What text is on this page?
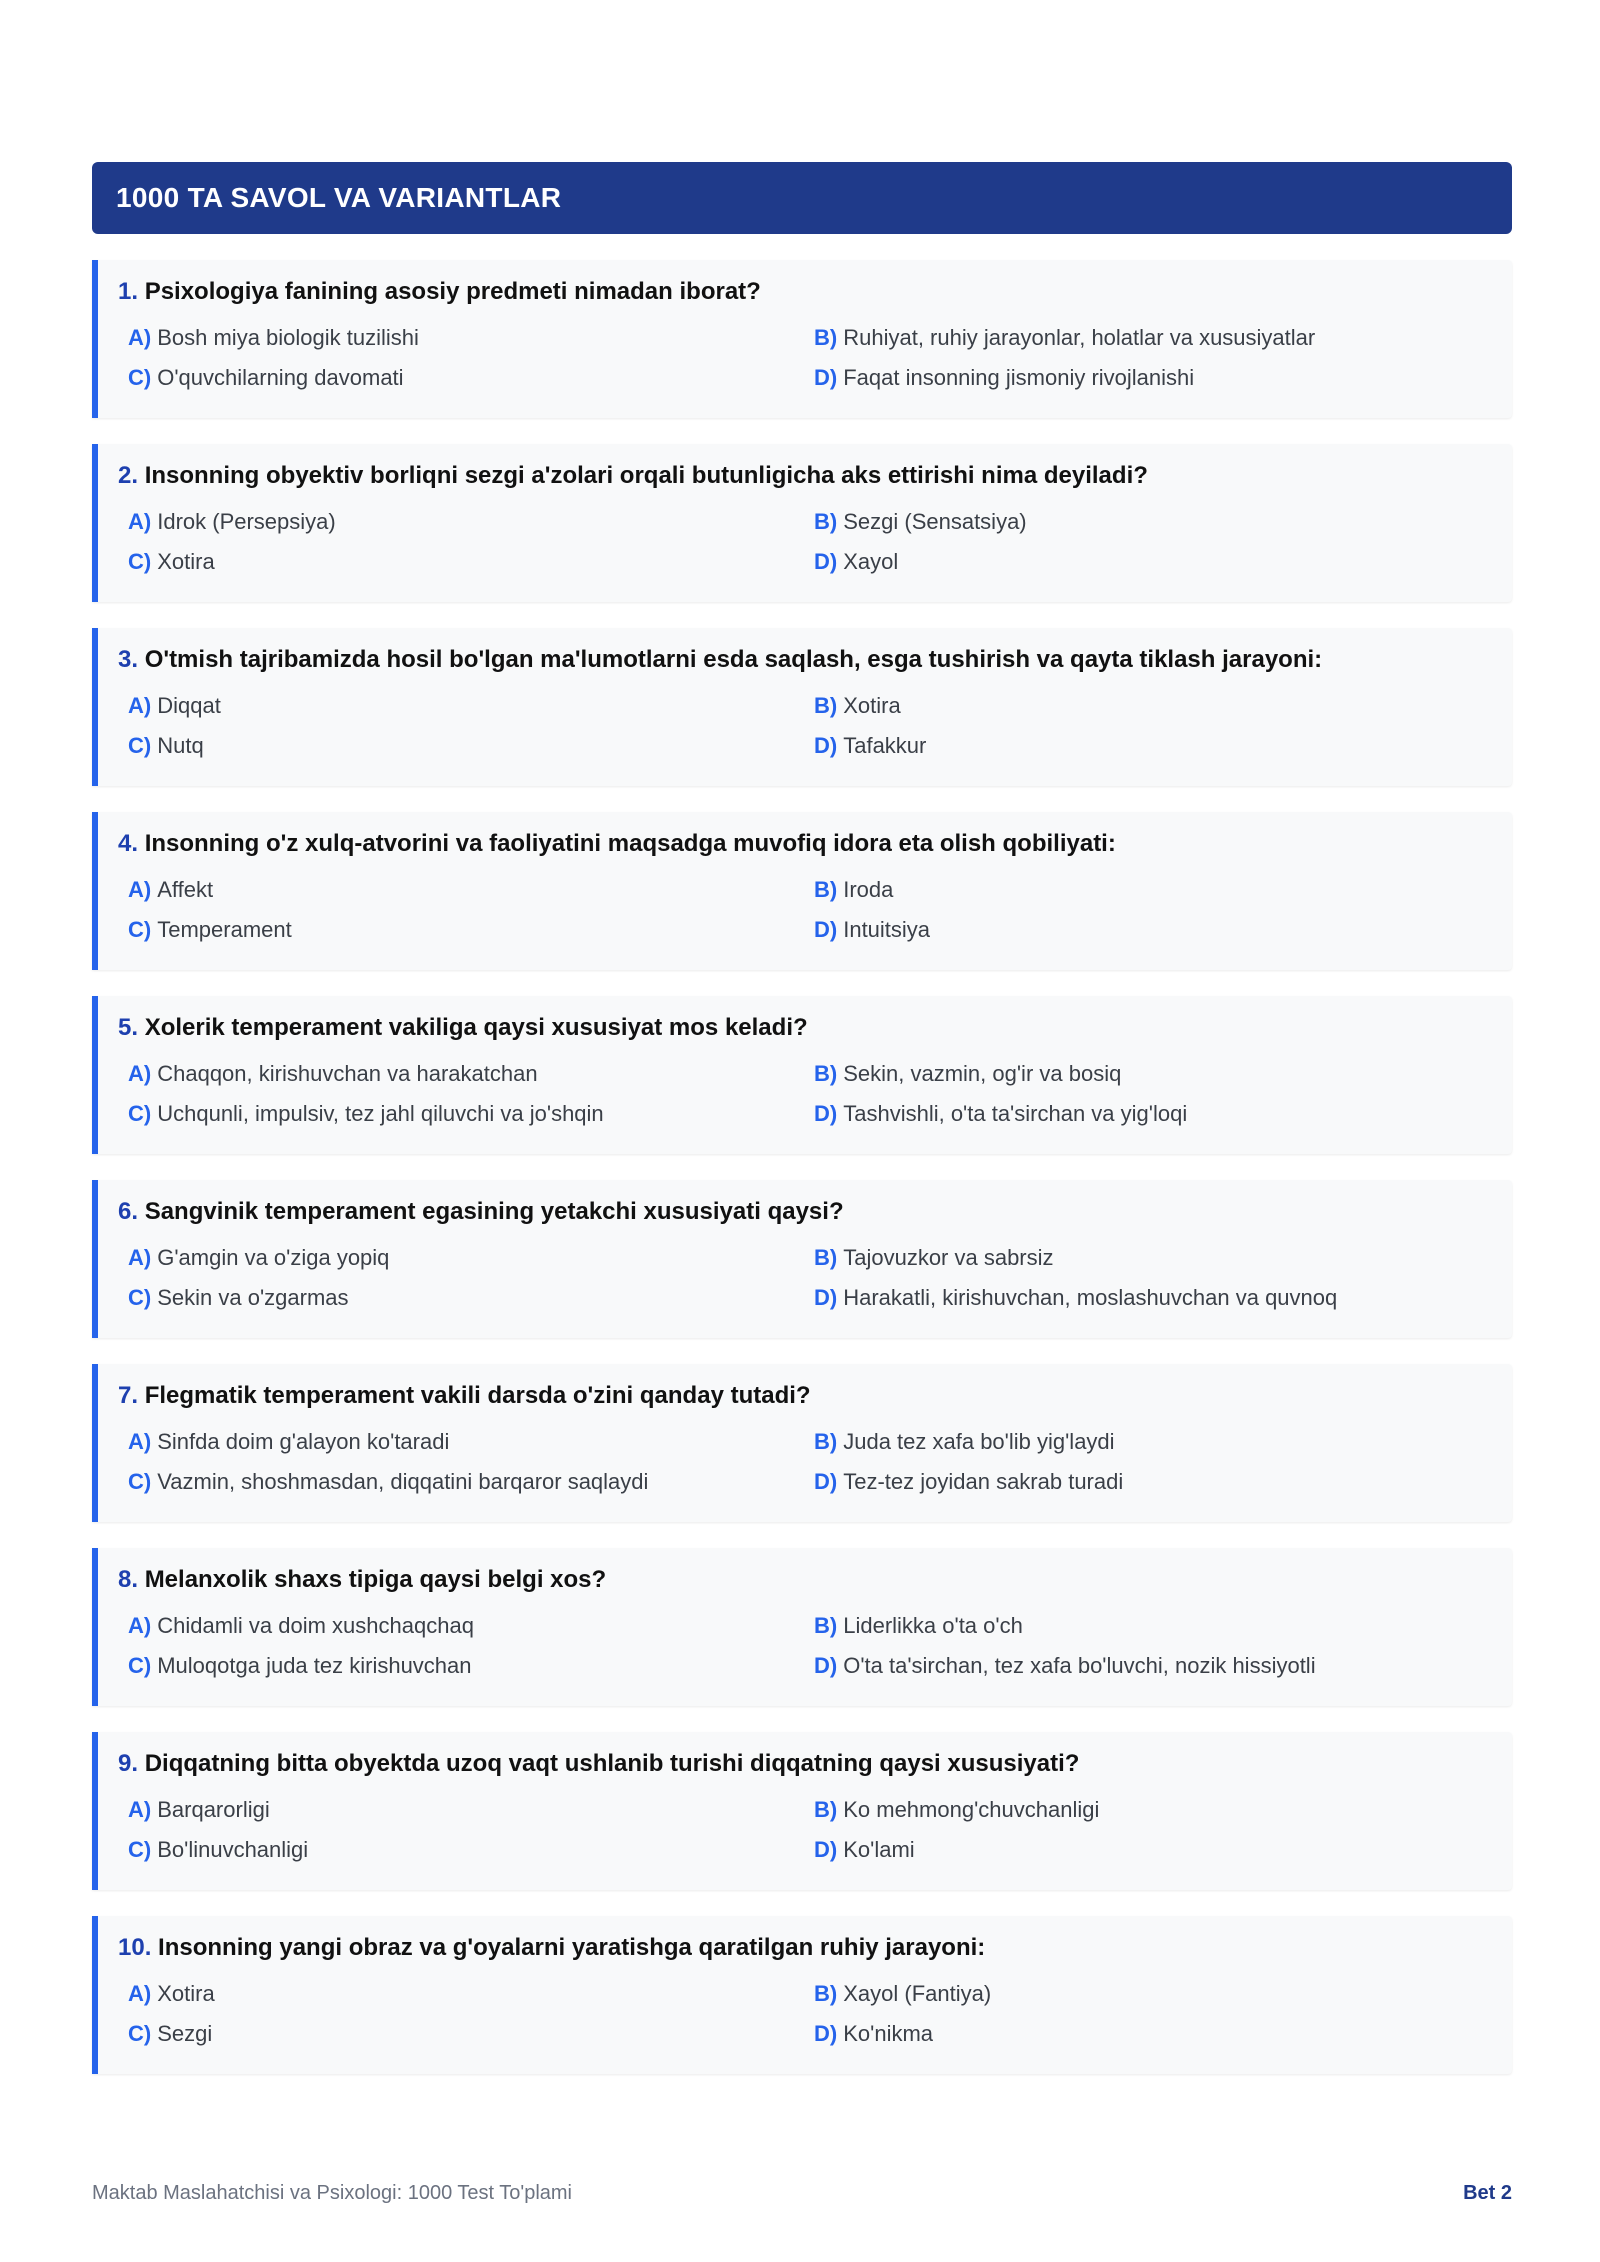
1000 TA SAVOL VA VARIANTLAR
1. Psixologiya fanining asosiy predmeti nimadan iborat?
A) Bosh miya biologik tuzilishi	B) Ruhiyat, ruhiy jarayonlar, holatlar va xususiyatlar
C) O'quvchilarning davomati	D) Faqat insonning jismoniy rivojlanishi
2. Insonning obyektiv borliqni sezgi a'zolari orqali butunligicha aks ettirishi nima deyiladi?
A) Idrok (Persepsiya)	B) Sezgi (Sensatsiya)
C) Xotira	D) Xayol
3. O'tmish tajribamizda hosil bo'lgan ma'lumotlarni esda saqlash, esga tushirish va qayta tiklash jarayoni:
A) Diqqat	B) Xotira
C) Nutq	D) Tafakkur
4. Insonning o'z xulq-atvorini va faoliyatini maqsadga muvofiq idora eta olish qobiliyati:
A) Affekt	B) Iroda
C) Temperament	D) Intuitsiya
5. Xolerik temperament vakiliga qaysi xususiyat mos keladi?
A) Chaqqon, kirishuvchan va harakatchan	B) Sekin, vazmin, og'ir va bosiq
C) Uchqunli, impulsiv, tez jahl qiluvchi va jo'shqin	D) Tashvishli, o'ta ta'sirchan va yig'loqi
6. Sangvinik temperament egasining yetakchi xususiyati qaysi?
A) G'amgin va o'ziga yopiq	B) Tajovuzkor va sabrsiz
C) Sekin va o'zgarmas	D) Harakatli, kirishuvchan, moslashuvchan va quvnoq
7. Flegmatik temperament vakili darsda o'zini qanday tutadi?
A) Sinfda doim g'alayon ko'taradi	B) Juda tez xafa bo'lib yig'laydi
C) Vazmin, shoshmasdan, diqqatini barqaror saqlaydi	D) Tez-tez joyidan sakrab turadi
8. Melanxolik shaxs tipiga qaysi belgi xos?
A) Chidamli va doim xushchaqchaq	B) Liderlikka o'ta o'ch
C) Muloqotga juda tez kirishuvchan	D) O'ta ta'sirchan, tez xafa bo'luvchi, nozik hissiyotli
9. Diqqatning bitta obyektda uzoq vaqt ushlanib turishi diqqatning qaysi xususiyati?
A) Barqarorligi	B) Ko mehmong'chuvchanligi
C) Bo'linuvchanligi	D) Ko'lami
10. Insonning yangi obraz va g'oyalarni yaratishga qaratilgan ruhiy jarayoni:
A) Xotira	B) Xayol (Fantiya)
C) Sezgi	D) Ko'nikma
Maktab Maslahatchisi va Psixologi: 1000 Test To'plami	Bet 2
